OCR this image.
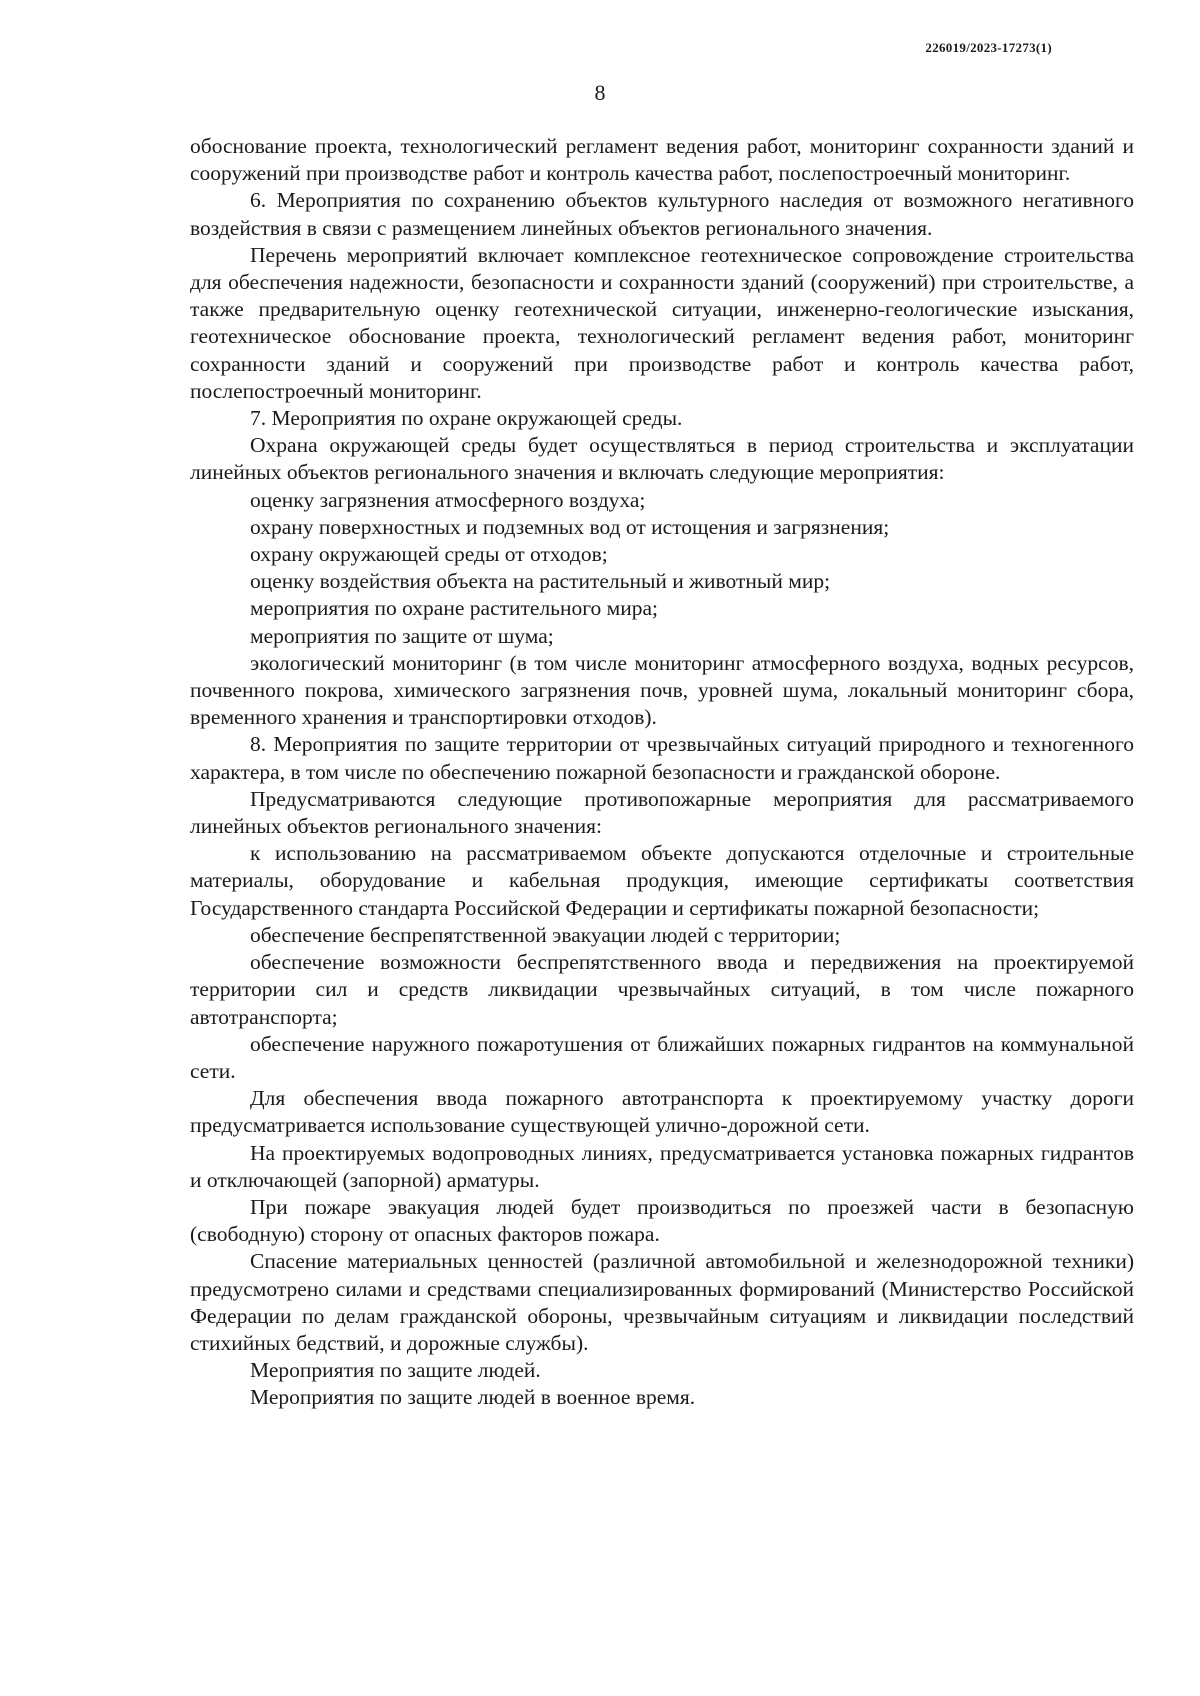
226019/2023-17273(1)
8

обоснование проекта, технологический регламент ведения работ, мониторинг сохранности зданий и сооружений при производстве работ и контроль качества работ, послепостроечный мониторинг.

6. Мероприятия по сохранению объектов культурного наследия от возможного негативного воздействия в связи с размещением линейных объектов регионального значения.

Перечень мероприятий включает комплексное геотехническое сопровождение строительства для обеспечения надежности, безопасности и сохранности зданий (сооружений) при строительстве, а также предварительную оценку геотехнической ситуации, инженерно-геологические изыскания, геотехническое обоснование проекта, технологический регламент ведения работ, мониторинг сохранности зданий и сооружений при производстве работ и контроль качества работ, послепостроечный мониторинг.

7. Мероприятия по охране окружающей среды.

Охрана окружающей среды будет осуществляться в период строительства и эксплуатации линейных объектов регионального значения и включать следующие мероприятия:

оценку загрязнения атмосферного воздуха;

охрану поверхностных и подземных вод от истощения и загрязнения;

охрану окружающей среды от отходов;

оценку воздействия объекта на растительный и животный мир;

мероприятия по охране растительного мира;

мероприятия по защите от шума;

экологический мониторинг (в том числе мониторинг атмосферного воздуха, водных ресурсов, почвенного покрова, химического загрязнения почв, уровней шума, локальный мониторинг сбора, временного хранения и транспортировки отходов).

8. Мероприятия по защите территории от чрезвычайных ситуаций природного и техногенного характера, в том числе по обеспечению пожарной безопасности и гражданской обороне.

Предусматриваются следующие противопожарные мероприятия для рассматриваемого линейных объектов регионального значения:

к использованию на рассматриваемом объекте допускаются отделочные и строительные материалы, оборудование и кабельная продукция, имеющие сертификаты соответствия Государственного стандарта Российской Федерации и сертификаты пожарной безопасности;

обеспечение беспрепятственной эвакуации людей с территории;

обеспечение возможности беспрепятственного ввода и передвижения на проектируемой территории сил и средств ликвидации чрезвычайных ситуаций, в том числе пожарного автотранспорта;

обеспечение наружного пожаротушения от ближайших пожарных гидрантов на коммунальной сети.

Для обеспечения ввода пожарного автотранспорта к проектируемому участку дороги предусматривается использование существующей улично-дорожной сети.

На проектируемых водопроводных линиях, предусматривается установка пожарных гидрантов и отключающей (запорной) арматуры.

При пожаре эвакуация людей будет производиться по проезжей части в безопасную (свободную) сторону от опасных факторов пожара.

Спасение материальных ценностей (различной автомобильной и железнодорожной техники) предусмотрено силами и средствами специализированных формирований (Министерство Российской Федерации по делам гражданской обороны, чрезвычайным ситуациям и ликвидации последствий стихийных бедствий, и дорожные службы).

Мероприятия по защите людей.

Мероприятия по защите людей в военное время.
